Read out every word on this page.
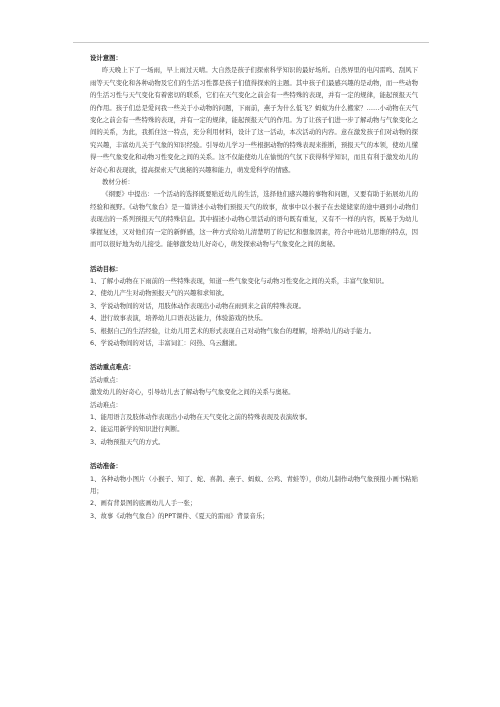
设计意图：

昨天晚上下了一场雨，早上雨过天晴。大自然是孩子们探索科学知识的最好场所。自然界里的电闪雷鸣、刮风下雨等天气变化和各种动物及它们的生活习性都是孩子们值得探索的主题。其中孩子们最感兴趣的是动物，而一些动物的生活习性与天气变化有着密切的联系，它们在天气变化之前会有一些特殊的表现，并有一定的规律，能起预报天气的作用。孩子们总是爱问我一些关于小动物的问题，下雨前，燕子为什么低飞？蚂蚁为什么搬家？……小动物在天气变化之前会有一些特殊的表现，并有一定的规律，能起预报天气的作用。为了让孩子们进一步了解动物与气象变化之间的关系，为此，我抓住这一特点，充分利用材料，设计了这一活动，本次活动的内容。意在激发孩子们对动物的探究兴趣，丰富幼儿关于气象的知识经验。引导幼儿学习一些根据动物的特殊表现来推断，预报天气的本领，使幼儿懂得一些气象变化和动物习性变化之间的关系。这不仅能使幼儿在愉悦的气氛下获得科学知识，而且有利于激发幼儿的好奇心和表现欲，提高探索天气奥秘的兴趣和能力，萌发爱科学的情感。

教材分析：

《纲要》中提出：一个活动的选择既要贴近幼儿的生活，选择他们感兴趣的事物和问题，又要有助于拓展幼儿的经验和视野。《动物气象台》是一篇讲述小动物们预报天气的故事，故事中以小猴子在去姥姥家的途中遇到小动物们表现出的一系列预报天气的特殊信息。其中描述小动物心里活动的语句既有重复，又有不一样的内容，既易于为幼儿掌握复述，又对他们有一定的新鲜感，这一种方式给幼儿清楚明了的记忆和想象因素，符合中班幼儿思维的特点，因而可以很好地为幼儿接受。能够激发幼儿好奇心，萌发探索动物与气象变化之间的奥秘。

活动目标：

1、了解小动物在下雨前的一些特殊表现，知道一些气象变化与动物习性变化之间的关系，丰富气象知识。

2、使幼儿产生对动物预报天气的兴趣和求知欲。

3、学说动物间的对话，用肢体动作表现出小动物在雨到来之前的特殊表现。

4、进行故事表演，培养幼儿口语表达能力，体验游戏的快乐。

5、根据自己的生活经验，让幼儿用艺术的形式表现自己对动物气象台的理解，培养幼儿的动手能力。

6、学说动物间的对话，丰富词汇：闷热、乌云翻滚。

活动重点难点：

活动重点：

激发幼儿的好奇心，引导幼儿去了解动物与气象变化之间的关系与奥秘。

活动难点：

1、能用语言及肢体动作表现出小动物在天气变化之前的特殊表现及表演故事。

2、能运用新学的知识进行判断。

3、动物预报天气的方式。

活动准备：

1、各种动物小图片（小猴子、知了、蛇、喜鹊、燕子、蚂蚁、公鸡、青蛙等），供幼儿制作动物气象预报小画书粘贴用；

2、画有背景图的底画幼儿人手一张；

3、故事《动物气象台》的PPT课件、《夏天的雷雨》背景音乐；
